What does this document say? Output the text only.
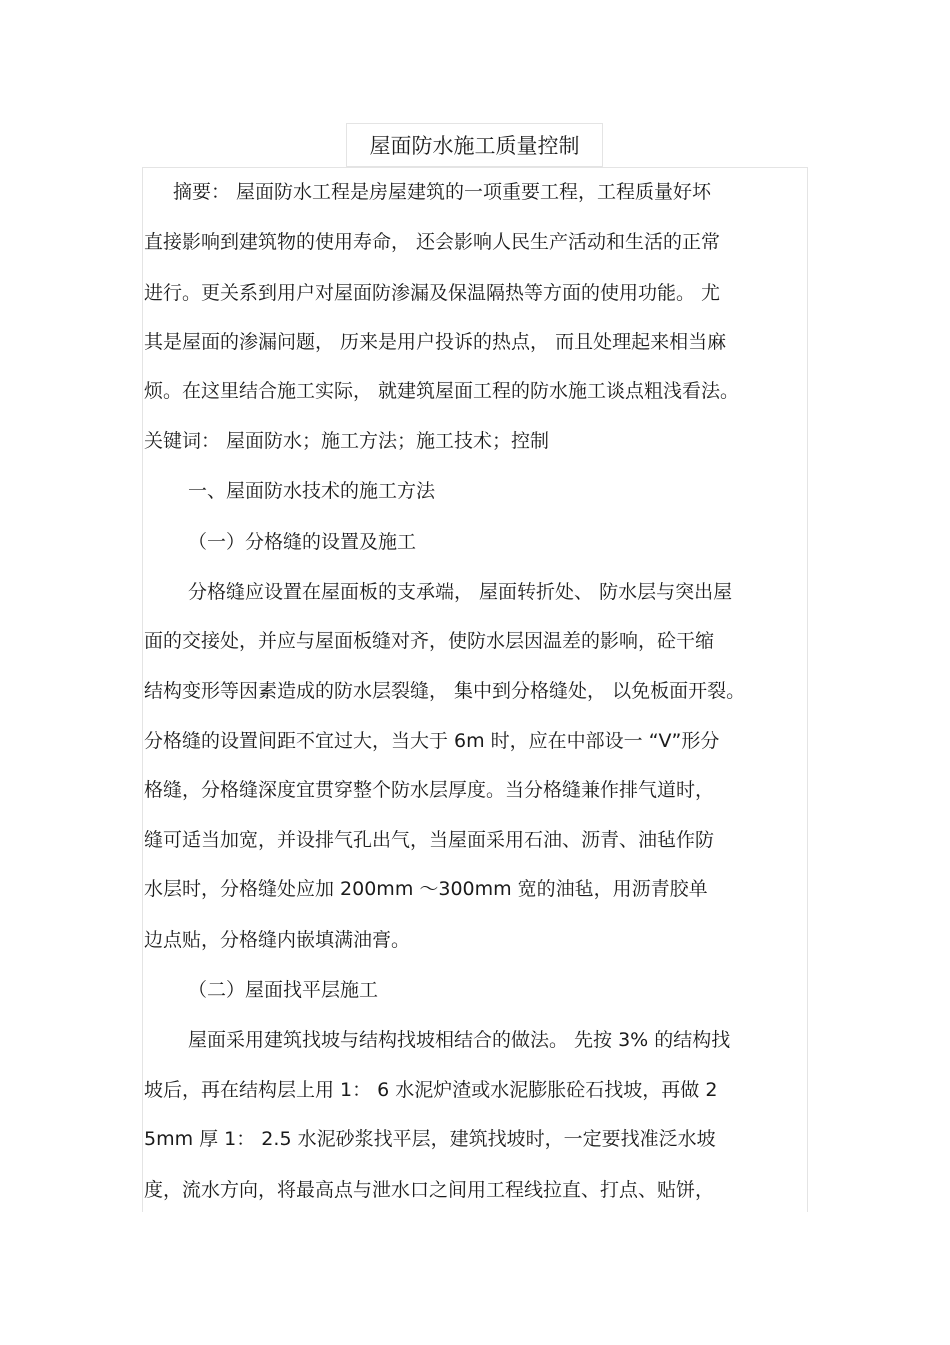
屋面防水施工质量控制

摘要： 屋面防水工程是房屋建筑的一项重要工程，工程质量好坏

直接影响到建筑物的使用寿命， 还会影响人民生产活动和生活的正常

进行。更关系到用户对屋面防渗漏及保温隔热等方面的使用功能。 尤

其是屋面的渗漏问题， 历来是用户投诉的热点， 而且处理起来相当麻

烦。在这里结合施工实际， 就建筑屋面工程的防水施工谈点粗浅看法。

关键词： 屋面防水；施工方法；施工技术；控制

一、屋面防水技术的施工方法

（一）分格缝的设置及施工

分格缝应设置在屋面板的支承端， 屋面转折处、 防水层与突出屋

面的交接处，并应与屋面板缝对齐，使防水层因温差的影响，砼干缩

结构变形等因素造成的防水层裂缝， 集中到分格缝处， 以免板面开裂。

分格缝的设置间距不宜过大，当大于 6m 时，应在中部设一 “V”形分

格缝，分格缝深度宜贯穿整个防水层厚度。当分格缝兼作排气道时，

缝可适当加宽，并设排气孔出气，当屋面采用石油、沥青、油毡作防

水层时，分格缝处应加 200mm ～300mm 宽的油毡，用沥青胶单

边点贴，分格缝内嵌填满油膏。

（二）屋面找平层施工

屋面采用建筑找坡与结构找坡相结合的做法。 先按 3% 的结构找

坡后，再在结构层上用 1： 6 水泥炉渣或水泥膨胀砼石找坡，再做 2

5mm 厚 1： 2.5 水泥砂浆找平层，建筑找坡时，一定要找准泛水坡

度，流水方向，将最高点与泄水口之间用工程线拉直、打点、贴饼，
